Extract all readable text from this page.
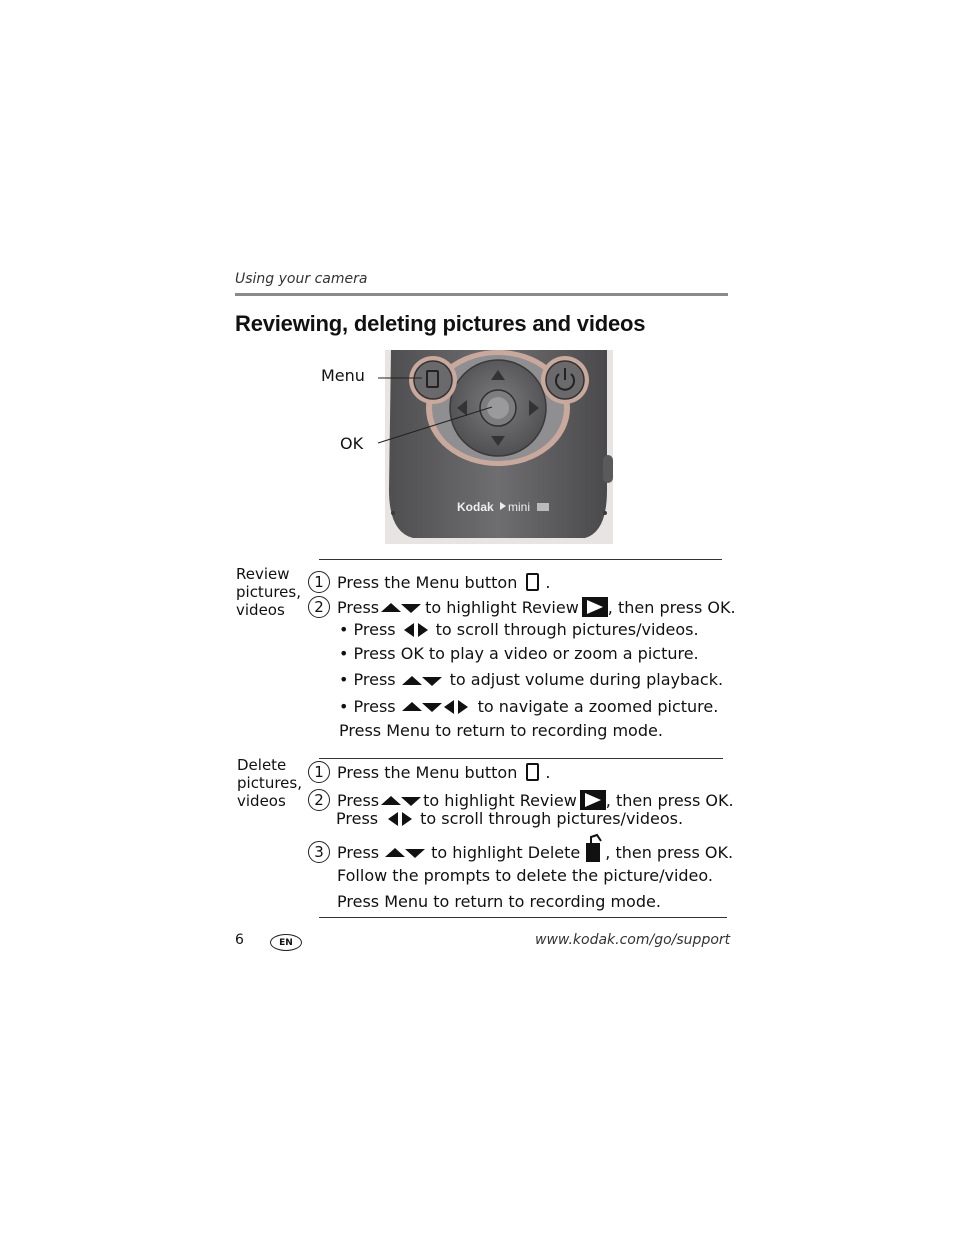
Using your camera
Reviewing, deleting pictures and videos
Kodak mini
Menu
OK
Review
pictures,
videos
1 Press the Menu button .
2 Press	to highlight Review , then press OK.
• Press	to scroll through pictures/videos.
• Press OK to play a video or zoom a picture.
• Press	to adjust volume during playback.
• Press	to navigate a zoomed picture.
Press Menu to return to recording mode.
Delete
pictures,
videos
1 Press the Menu button .
2 Press	to highlight Review , then press OK.
Press	to scroll through pictures/videos.
3 Press	to highlight Delete , then press OK.
Follow the prompts to delete the picture/video.
Press Menu to return to recording mode.
6	EN	www.kodak.com/go/support
